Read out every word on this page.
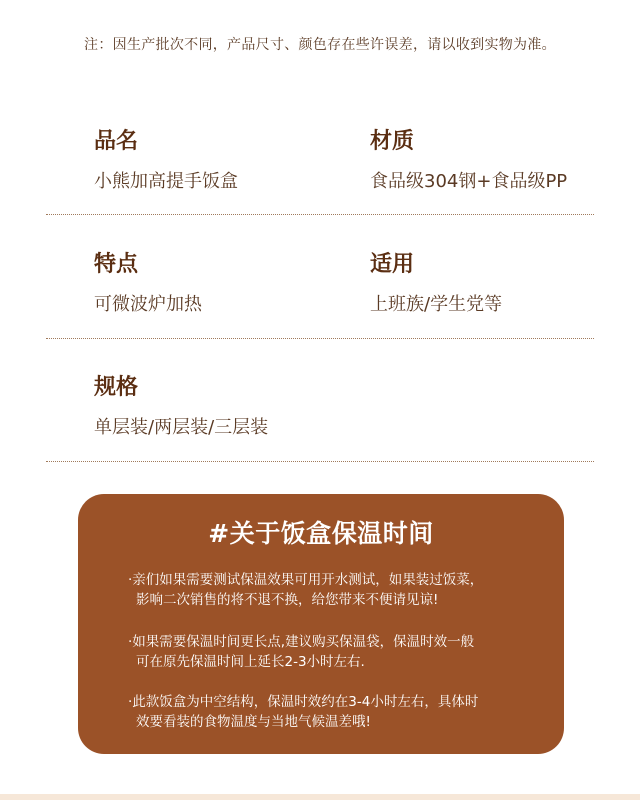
注：因生产批次不同，产品尺寸、颜色存在些许误差，请以收到实物为准。
品名
小熊加高提手饭盒
材质
食品级304钢+食品级PP
特点
可微波炉加热
适用
上班族/学生党等
规格
单层装/两层装/三层装
#关于饭盒保温时间
·亲们如果需要测试保温效果可用开水测试，如果装过饭菜，
影响二次销售的将不退不换，给您带来不便请见谅!
·如果需要保温时间更长点,建议购买保温袋，保温时效一般
可在原先保温时间上延长2-3小时左右.
·此款饭盒为中空结构，保温时效约在3-4小时左右，具体时
效要看装的食物温度与当地气候温差哦!
